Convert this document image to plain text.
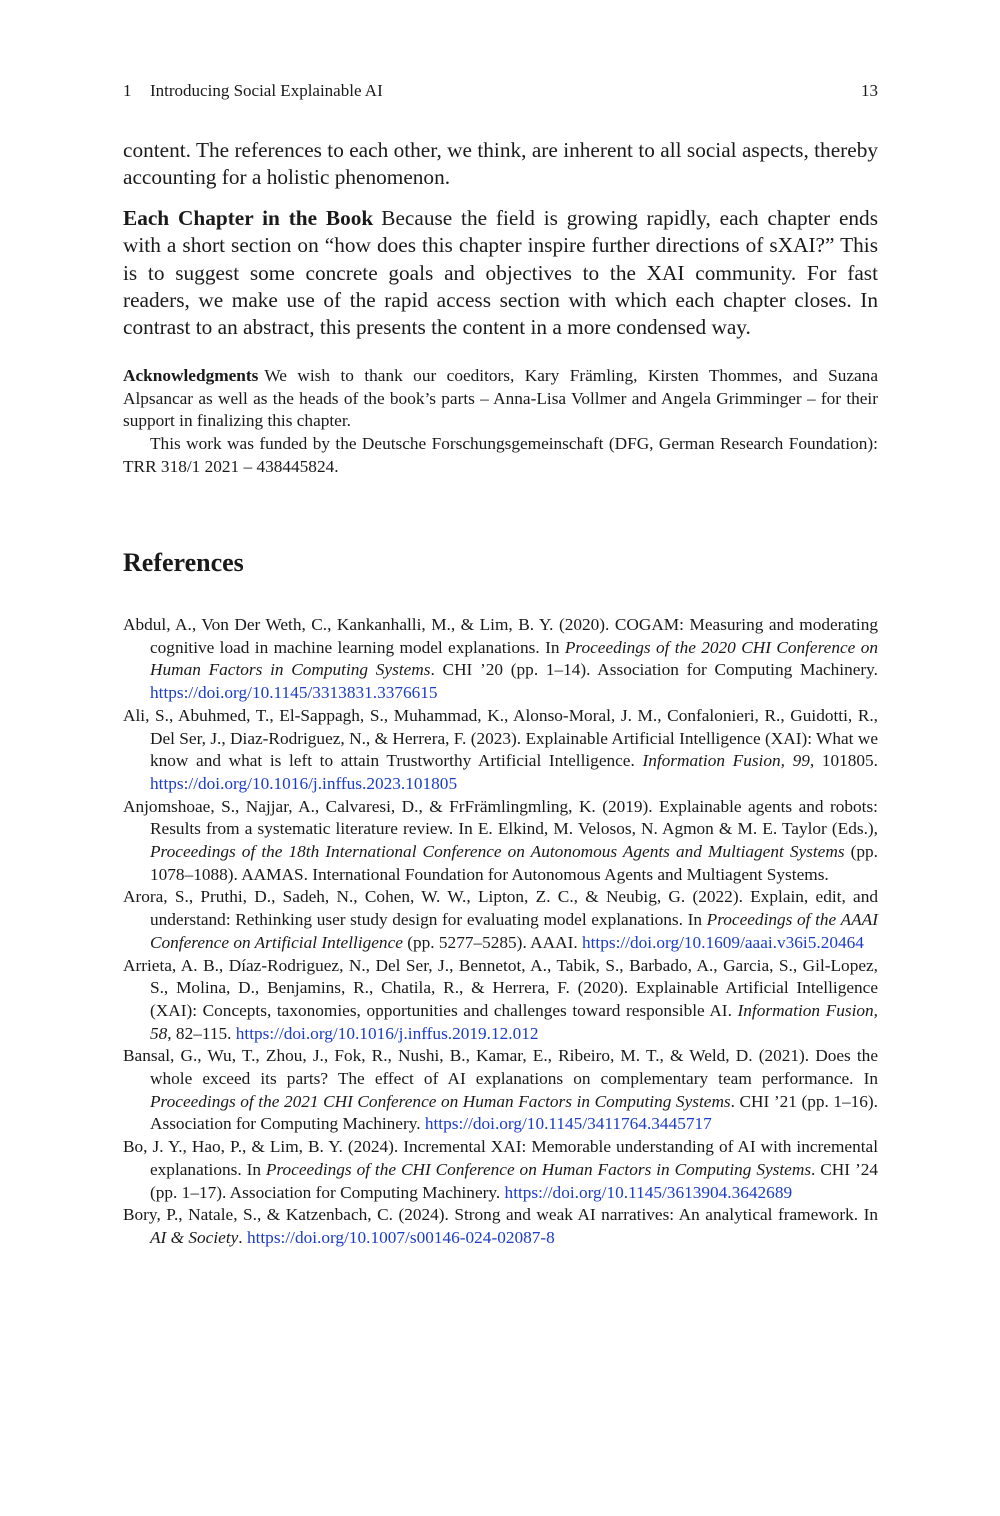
1 Introducing Social Explainable AI	13

content. The references to each other, we think, are inherent to all social aspects, thereby accounting for a holistic phenomenon.

Each Chapter in the Book Because the field is growing rapidly, each chapter ends with a short section on “how does this chapter inspire further directions of sXAI?” This is to suggest some concrete goals and objectives to the XAI community. For fast readers, we make use of the rapid access section with which each chapter closes. In contrast to an abstract, this presents the content in a more condensed way.

Acknowledgments We wish to thank our coeditors, Kary Främling, Kirsten Thommes, and Suzana Alpsancar as well as the heads of the book’s parts – Anna-Lisa Vollmer and Angela Grimminger – for their support in finalizing this chapter.

This work was funded by the Deutsche Forschungsgemeinschaft (DFG, German Research Foundation): TRR 318/1 2021 – 438445824.

References
Abdul, A., Von Der Weth, C., Kankanhalli, M., & Lim, B. Y. (2020). COGAM: Measuring and moderating cognitive load in machine learning model explanations. In Proceedings of the 2020 CHI Conference on Human Factors in Computing Systems. CHI ’20 (pp. 1–14). Association for Computing Machinery. https://doi.org/10.1145/3313831.3376615
Ali, S., Abuhmed, T., El-Sappagh, S., Muhammad, K., Alonso-Moral, J. M., Confalonieri, R., Guidotti, R., Del Ser, J., Diaz-Rodriguez, N., & Herrera, F. (2023). Explainable Artificial Intelligence (XAI): What we know and what is left to attain Trustworthy Artificial Intelligence. Information Fusion, 99, 101805. https://doi.org/10.1016/j.inffus.2023.101805
Anjomshoae, S., Najjar, A., Calvaresi, D., & FrFrämlingmling, K. (2019). Explainable agents and robots: Results from a systematic literature review. In E. Elkind, M. Velosos, N. Agmon & M. E. Taylor (Eds.), Proceedings of the 18th International Conference on Autonomous Agents and Multiagent Systems (pp. 1078–1088). AAMAS. International Foundation for Autonomous Agents and Multiagent Systems.
Arora, S., Pruthi, D., Sadeh, N., Cohen, W. W., Lipton, Z. C., & Neubig, G. (2022). Explain, edit, and understand: Rethinking user study design for evaluating model explanations. In Proceedings of the AAAI Conference on Artificial Intelligence (pp. 5277–5285). AAAI. https://doi.org/10.1609/aaai.v36i5.20464
Arrieta, A. B., Díaz-Rodriguez, N., Del Ser, J., Bennetot, A., Tabik, S., Barbado, A., Garcia, S., Gil-Lopez, S., Molina, D., Benjamins, R., Chatila, R., & Herrera, F. (2020). Explainable Artificial Intelligence (XAI): Concepts, taxonomies, opportunities and challenges toward responsible AI. Information Fusion, 58, 82–115. https://doi.org/10.1016/j.inffus.2019.12.012
Bansal, G., Wu, T., Zhou, J., Fok, R., Nushi, B., Kamar, E., Ribeiro, M. T., & Weld, D. (2021). Does the whole exceed its parts? The effect of AI explanations on complementary team performance. In Proceedings of the 2021 CHI Conference on Human Factors in Computing Systems. CHI ’21 (pp. 1–16). Association for Computing Machinery. https://doi.org/10.1145/3411764.3445717
Bo, J. Y., Hao, P., & Lim, B. Y. (2024). Incremental XAI: Memorable understanding of AI with incremental explanations. In Proceedings of the CHI Conference on Human Factors in Computing Systems. CHI ’24 (pp. 1–17). Association for Computing Machinery. https://doi.org/10.1145/3613904.3642689
Bory, P., Natale, S., & Katzenbach, C. (2024). Strong and weak AI narratives: An analytical framework. In AI & Society. https://doi.org/10.1007/s00146-024-02087-8
